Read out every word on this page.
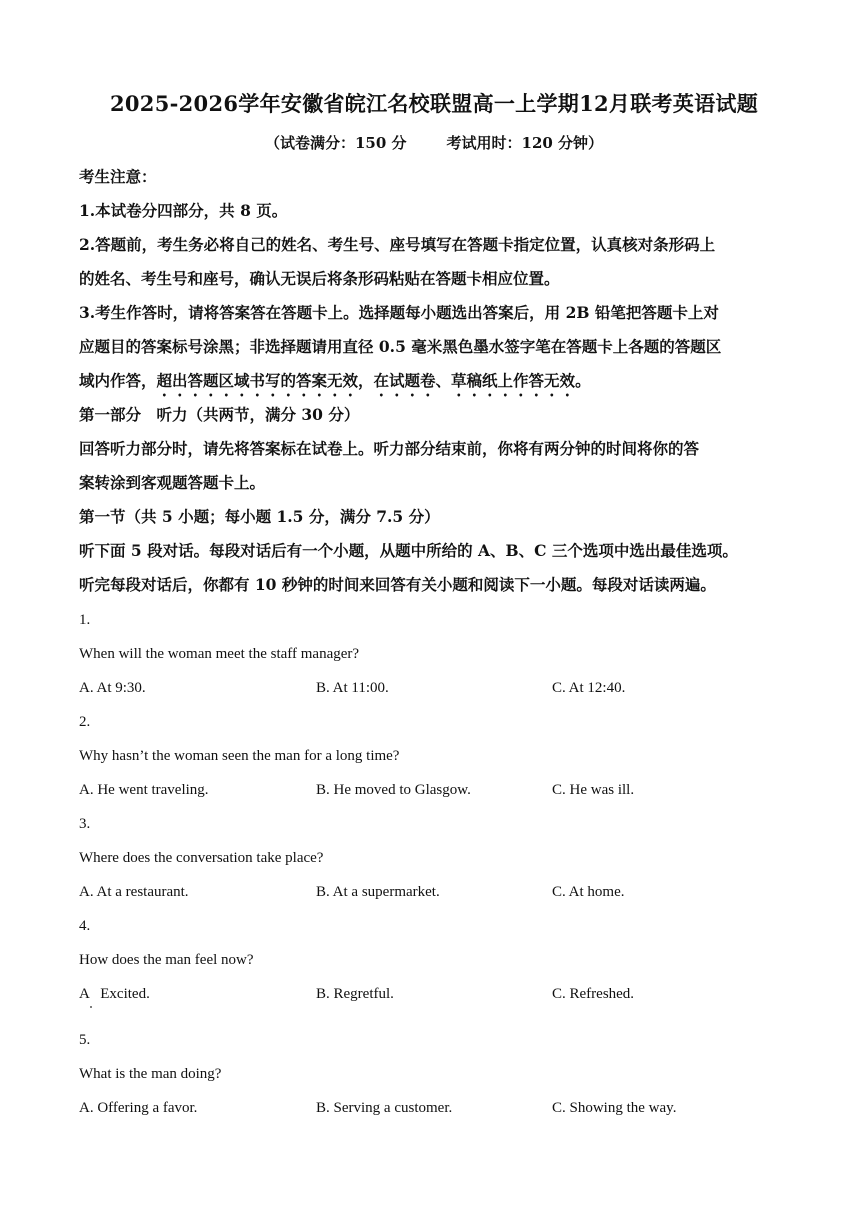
2025-2026学年安徽省皖江名校联盟高一上学期12月联考英语试题
（试卷满分：150 分	考试用时：120 分钟）
考生注意：
1.本试卷分四部分，共 8 页。
2.答题前，考生务必将自己的姓名、考生号、座号填写在答题卡指定位置，认真核对条形码上
的姓名、考生号和座号，确认无误后将条形码粘贴在答题卡相应位置。
3.考生作答时，请将答案答在答题卡上。选择题每小题选出答案后，用 2B 铅笔把答题卡上对
应题目的答案标号涂黑；非选择题请用直径 0.5 毫米黑色墨水签字笔在答题卡上各题的答题区
域内作答，超出答题区域书写的答案无效，在试题卷、草稿纸上作答无效。
第一部分　听力（共两节，满分 30 分）
回答听力部分时，请先将答案标在试卷上。听力部分结束前，你将有两分钟的时间将你的答
案转涂到客观题答题卡上。
第一节（共 5 小题；每小题 1.5 分，满分 7.5 分）
听下面 5 段对话。每段对话后有一个小题，从题中所给的 A、B、C 三个选项中选出最佳选项。
听完每段对话后，你都有 10 秒钟的时间来回答有关小题和阅读下一小题。每段对话读两遍。
1.
When will the woman meet the staff manager?
A. At 9:30.	B. At 11:00.	C. At 12:40.
2.
Why hasn’t the woman seen the man for a long time?
A. He went traveling.	B. He moved to Glasgow.	C. He was ill.
3.
Where does the conversation take place?
A. At a restaurant.	B. At a supermarket.	C. At home.
4.
How does the man feel now?
A   Excited.	B. Regretful.	C. Refreshed.
5.
What is the man doing?
A. Offering a favor.	B. Serving a customer.	C. Showing the way.
